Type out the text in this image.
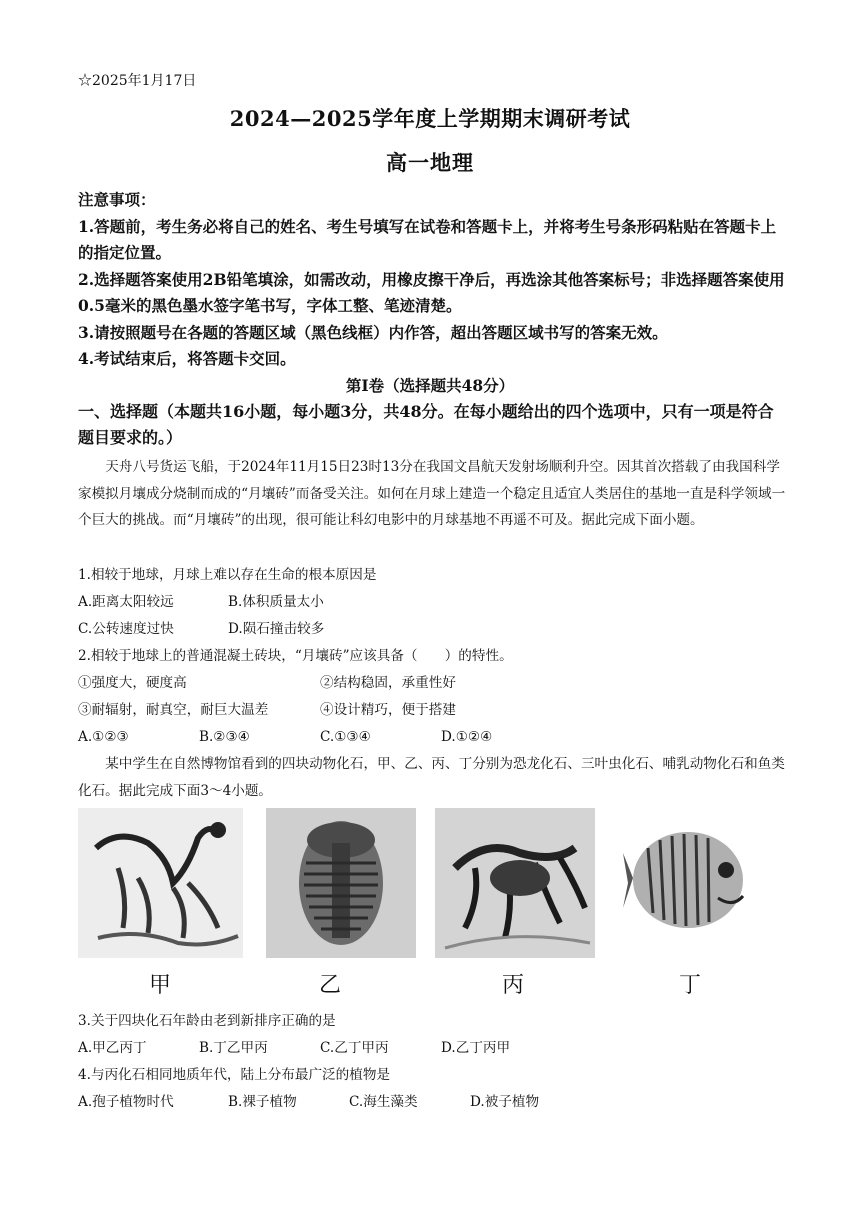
☆2025年1月17日
2024—2025学年度上学期期末调研考试
高一地理

注意事项：

1.答题前，考生务必将自己的姓名、考生号填写在试卷和答题卡上，并将考生号条形码粘贴在答题卡上的指定位置。

2.选择题答案使用2B铅笔填涂，如需改动，用橡皮擦干净后，再选涂其他答案标号；非选择题答案使用0.5毫米的黑色墨水签字笔书写，字体工整、笔迹清楚。

3.请按照题号在各题的答题区域（黑色线框）内作答，超出答题区域书写的答案无效。

4.考试结束后，将答题卡交回。

第Ⅰ卷（选择题共48分）
一、选择题（本题共16小题，每小题3分，共48分。在每小题给出的四个选项中，只有一项是符合题目要求的。）
天舟八号货运飞船，于2024年11月15日23时13分在我国文昌航天发射场顺利升空。因其首次搭载了由我国科学家模拟月壤成分烧制而成的“月壤砖”而备受关注。如何在月球上建造一个稳定且适宜人类居住的基地一直是科学领域一个巨大的挑战。而“月壤砖”的出现，很可能让科幻电影中的月球基地不再遥不可及。据此完成下面小题。
1.相较于地球，月球上难以存在生命的根本原因是
A.距离太阳较远	B.体积质量太小
C.公转速度过快	D.陨石撞击较多
2.相较于地球上的普通混凝土砖块，“月壤砖”应该具备（　　）的特性。
①强度大，硬度高	②结构稳固，承重性好
③耐辐射，耐真空，耐巨大温差	④设计精巧，便于搭建
A.①②③	B.②③④	C.①③④	D.①②④
某中学生在自然博物馆看到的四块动物化石，甲、乙、丙、丁分别为恐龙化石、三叶虫化石、哺乳动物化石和鱼类化石。据此完成下面3～4小题。
甲	乙	丙	丁
3.关于四块化石年龄由老到新排序正确的是
A.甲乙丙丁	B.丁乙甲丙	C.乙丁甲丙	D.乙丁丙甲
4.与丙化石相同地质年代，陆上分布最广泛的植物是
A.孢子植物时代	B.裸子植物	C.海生藻类	D.被子植物
